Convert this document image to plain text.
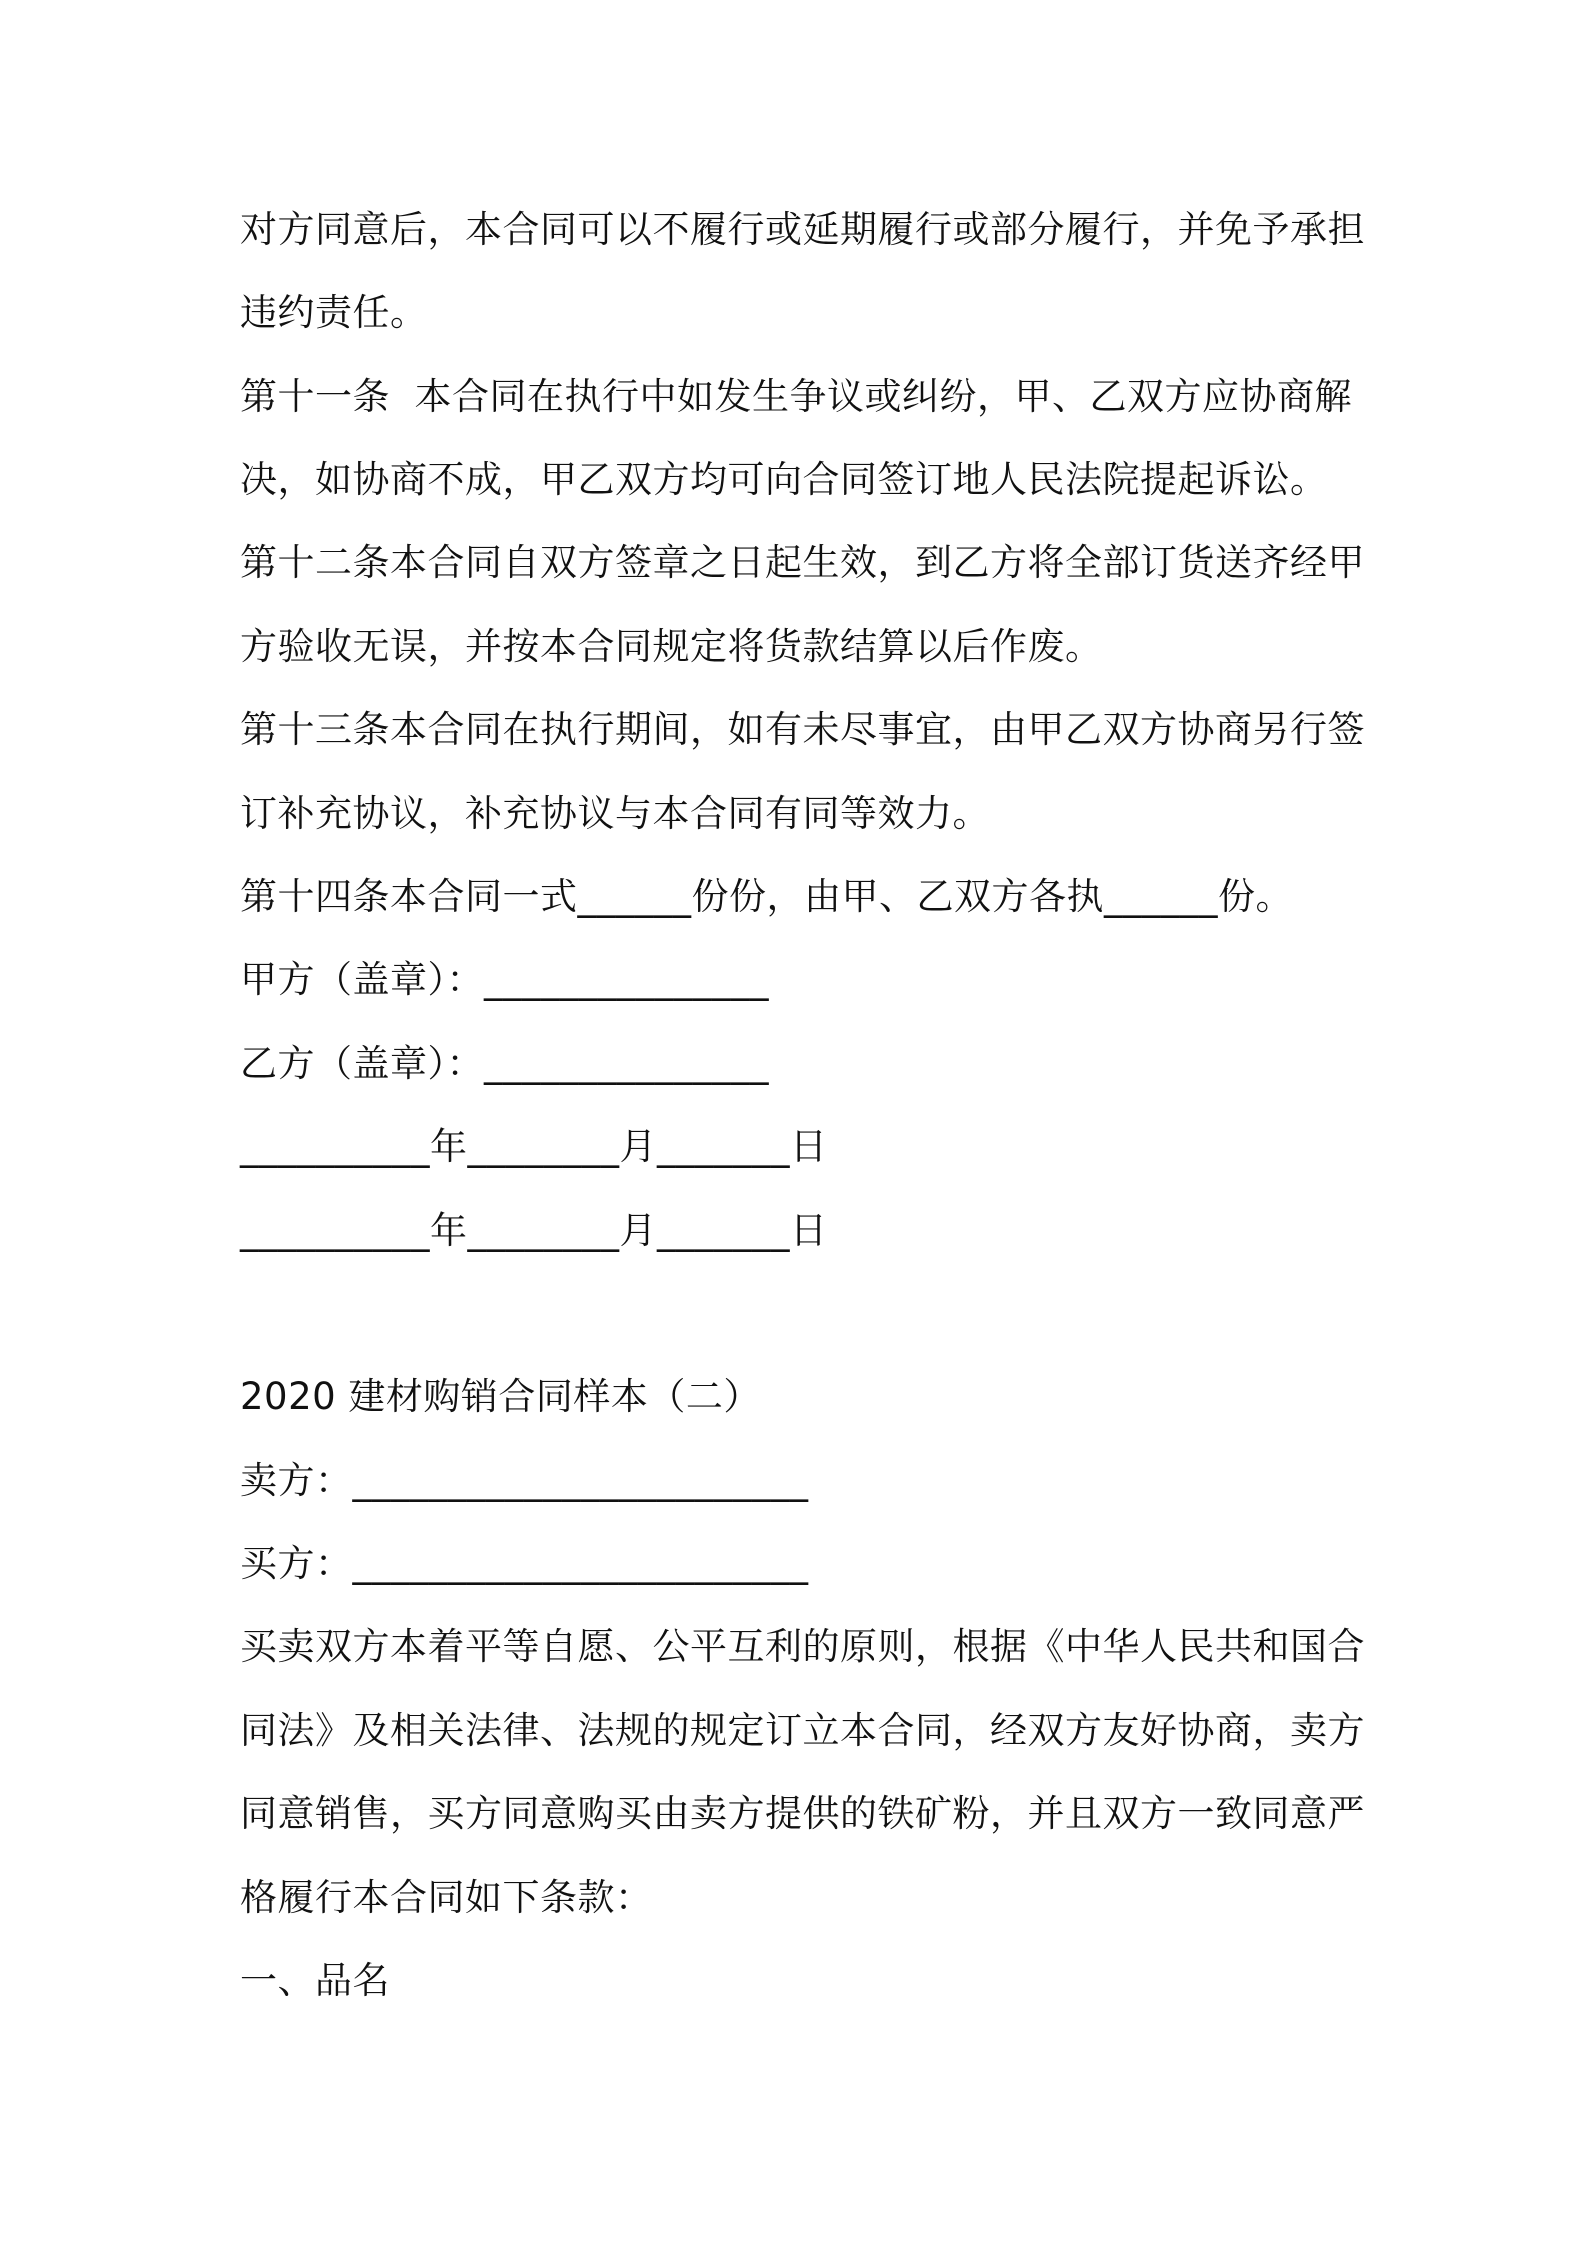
对方同意后，本合同可以不履行或延期履行或部分履行，并免予承担
违约责任。
第十一条  本合同在执行中如发生争议或纠纷，甲、乙双方应协商解
决，如协商不成，甲乙双方均可向合同签订地人民法院提起诉讼。
第十二条本合同自双方签章之日起生效，到乙方将全部订货送齐经甲
方验收无误，并按本合同规定将货款结算以后作废。
第十三条本合同在执行期间，如有未尽事宜，由甲乙双方协商另行签
订补充协议，补充协议与本合同有同等效力。
第十四条本合同一式______份份，由甲、乙双方各执______份。
甲方（盖章）：_______________
乙方（盖章）：_______________
__________年________月_______日
__________年________月_______日
2020 建材购销合同样本（二）
卖方：________________________
买方：________________________
买卖双方本着平等自愿、公平互利的原则，根据《中华人民共和国合
同法》及相关法律、法规的规定订立本合同，经双方友好协商，卖方
同意销售，买方同意购买由卖方提供的铁矿粉，并且双方一致同意严
格履行本合同如下条款：
一、品名
